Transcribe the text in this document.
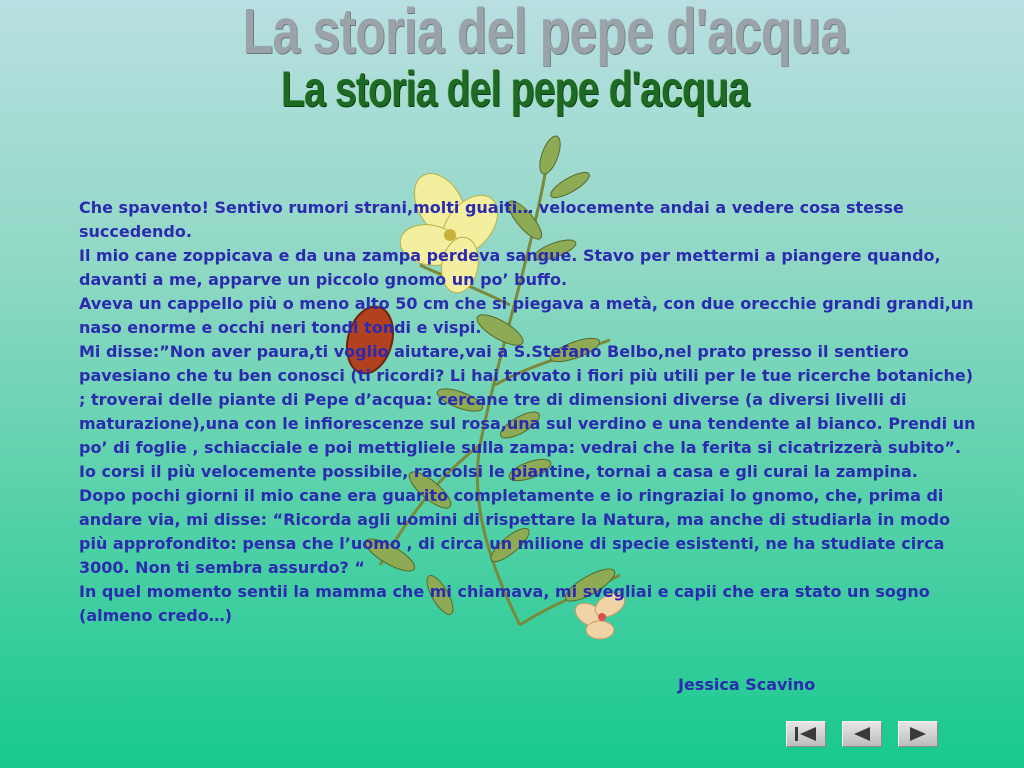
La storia del pepe d'acqua
La storia del pepe d'acqua

Che spavento! Sentivo rumori strani,molti guaiti… velocemente andai a vedere cosa stesse succedendo.

Il mio cane zoppicava e da una zampa perdeva sangue. Stavo per mettermi a piangere quando, davanti a me, apparve un piccolo gnomo un po’ buffo.

Aveva un cappello più o meno alto 50 cm che si piegava a metà, con due orecchie grandi grandi,un naso enorme e occhi neri tondi tondi e vispi.

Mi disse:”Non aver paura,ti voglio aiutare,vai a S.Stefano Belbo,nel prato presso il sentiero pavesiano che tu ben conosci (ti ricordi? Li hai trovato i fiori più utili per le tue ricerche botaniche) ; troverai delle piante di Pepe d’acqua: cercane tre di dimensioni diverse (a diversi livelli di maturazione),una con le infiorescenze sul rosa,una sul verdino e una tendente al bianco. Prendi un po’ di foglie , schiacciale e poi mettigliele sulla zampa: vedrai che la ferita si cicatrizzerà subito”.

Io corsi il più velocemente possibile, raccolsi le piantine, tornai a casa e gli curai la zampina.

Dopo pochi giorni il mio cane era guarito completamente e io ringraziai lo gnomo, che, prima di andare via, mi disse: “Ricorda agli uomini di rispettare la Natura, ma anche di studiarla in modo più approfondito: pensa che l’uomo , di circa un milione di specie esistenti, ne ha studiate circa 3000. Non ti sembra assurdo? “

In quel momento sentii la mamma che mi chiamava, mi svegliai e capii che era stato un sogno (almeno credo…)

Jessica Scavino
